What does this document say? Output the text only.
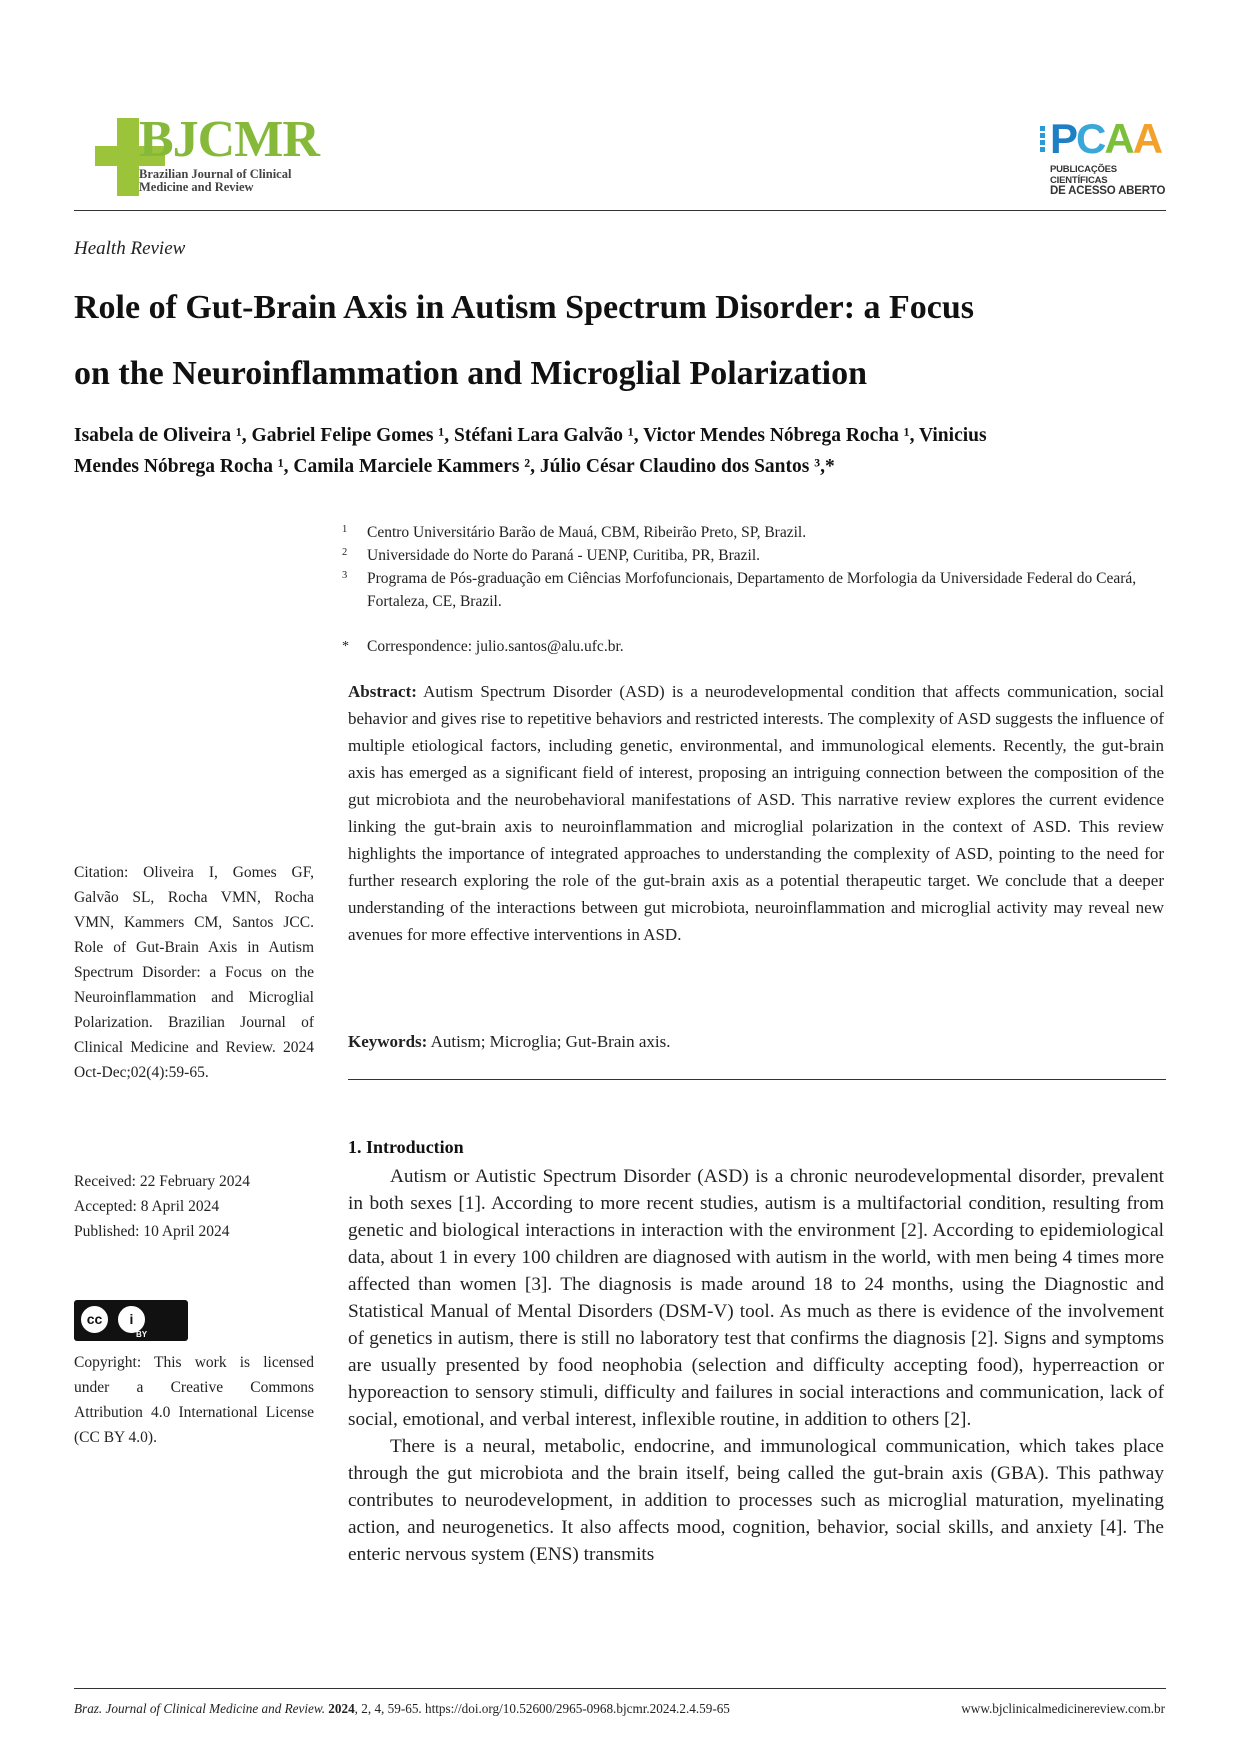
BJCMR
Brazilian Journal of Clinical
Medicine and Review
PCAA
PUBLICAÇÕES CIENTÍFICAS
DE ACESSO ABERTO
Health Review
Role of Gut-Brain Axis in Autism Spectrum Disorder: a Focus
on the Neuroinflammation and Microglial Polarization
Isabela de Oliveira ¹, Gabriel Felipe Gomes ¹, Stéfani Lara Galvão ¹, Victor Mendes Nóbrega Rocha ¹, Vinicius
Mendes Nóbrega Rocha ¹, Camila Marciele Kammers ², Júlio César Claudino dos Santos ³,*
1 Centro Universitário Barão de Mauá, CBM, Ribeirão Preto, SP, Brazil.
2 Universidade do Norte do Paraná - UENP, Curitiba, PR, Brazil.
3 Programa de Pós-graduação em Ciências Morfofuncionais, Departamento de Morfologia da Universidade Federal do Ceará, Fortaleza, CE, Brazil.
* Correspondence: julio.santos@alu.ufc.br.
Abstract: Autism Spectrum Disorder (ASD) is a neurodevelopmental condition that affects communication, social behavior and gives rise to repetitive behaviors and restricted interests. The complexity of ASD suggests the influence of multiple etiological factors, including genetic, environmental, and immunological elements. Recently, the gut-brain axis has emerged as a significant field of interest, proposing an intriguing connection between the composition of the gut microbiota and the neurobehavioral manifestations of ASD. This narrative review explores the current evidence linking the gut-brain axis to neuroinflammation and microglial polarization in the context of ASD. This review highlights the importance of integrated approaches to understanding the complexity of ASD, pointing to the need for further research exploring the role of the gut-brain axis as a potential therapeutic target. We conclude that a deeper understanding of the interactions between gut microbiota, neuroinflammation and microglial activity may reveal new avenues for more effective interventions in ASD.
Keywords: Autism; Microglia; Gut-Brain axis.
Citation: Oliveira I, Gomes GF, Galvão SL, Rocha VMN, Rocha VMN, Kammers CM, Santos JCC. Role of Gut-Brain Axis in Autism Spectrum Disorder: a Focus on the Neuroinflammation and Microglial Polarization. Brazilian Journal of Clinical Medicine and Review. 2024 Oct-Dec;02(4):59-65.
Received: 22 February 2024
Accepted: 8 April 2024
Published: 10 April 2024
cc	i
BY
Copyright: This work is licensed under a Creative Commons Attribution 4.0 International License (CC BY 4.0).
1. Introduction

Autism or Autistic Spectrum Disorder (ASD) is a chronic neurodevelopmental disorder, prevalent in both sexes [1]. According to more recent studies, autism is a multifactorial condition, resulting from genetic and biological interactions in interaction with the environment [2]. According to epidemiological data, about 1 in every 100 children are diagnosed with autism in the world, with men being 4 times more affected than women [3]. The diagnosis is made around 18 to 24 months, using the Diagnostic and Statistical Manual of Mental Disorders (DSM-V) tool. As much as there is evidence of the involvement of genetics in autism, there is still no laboratory test that confirms the diagnosis [2]. Signs and symptoms are usually presented by food neophobia (selection and difficulty accepting food), hyperreaction or hyporeaction to sensory stimuli, difficulty and failures in social interactions and communication, lack of social, emotional, and verbal interest, inflexible routine, in addition to others [2].

There is a neural, metabolic, endocrine, and immunological communication, which takes place through the gut microbiota and the brain itself, being called the gut-brain axis (GBA). This pathway contributes to neurodevelopment, in addition to processes such as microglial maturation, myelinating action, and neurogenetics. It also affects mood, cognition, behavior, social skills, and anxiety [4]. The enteric nervous system (ENS) transmits

Braz. Journal of Clinical Medicine and Review. 2024, 2, 4, 59-65. https://doi.org/10.52600/2965-0968.bjcmr.2024.2.4.59-65	www.bjclinicalmedicinereview.com.br
